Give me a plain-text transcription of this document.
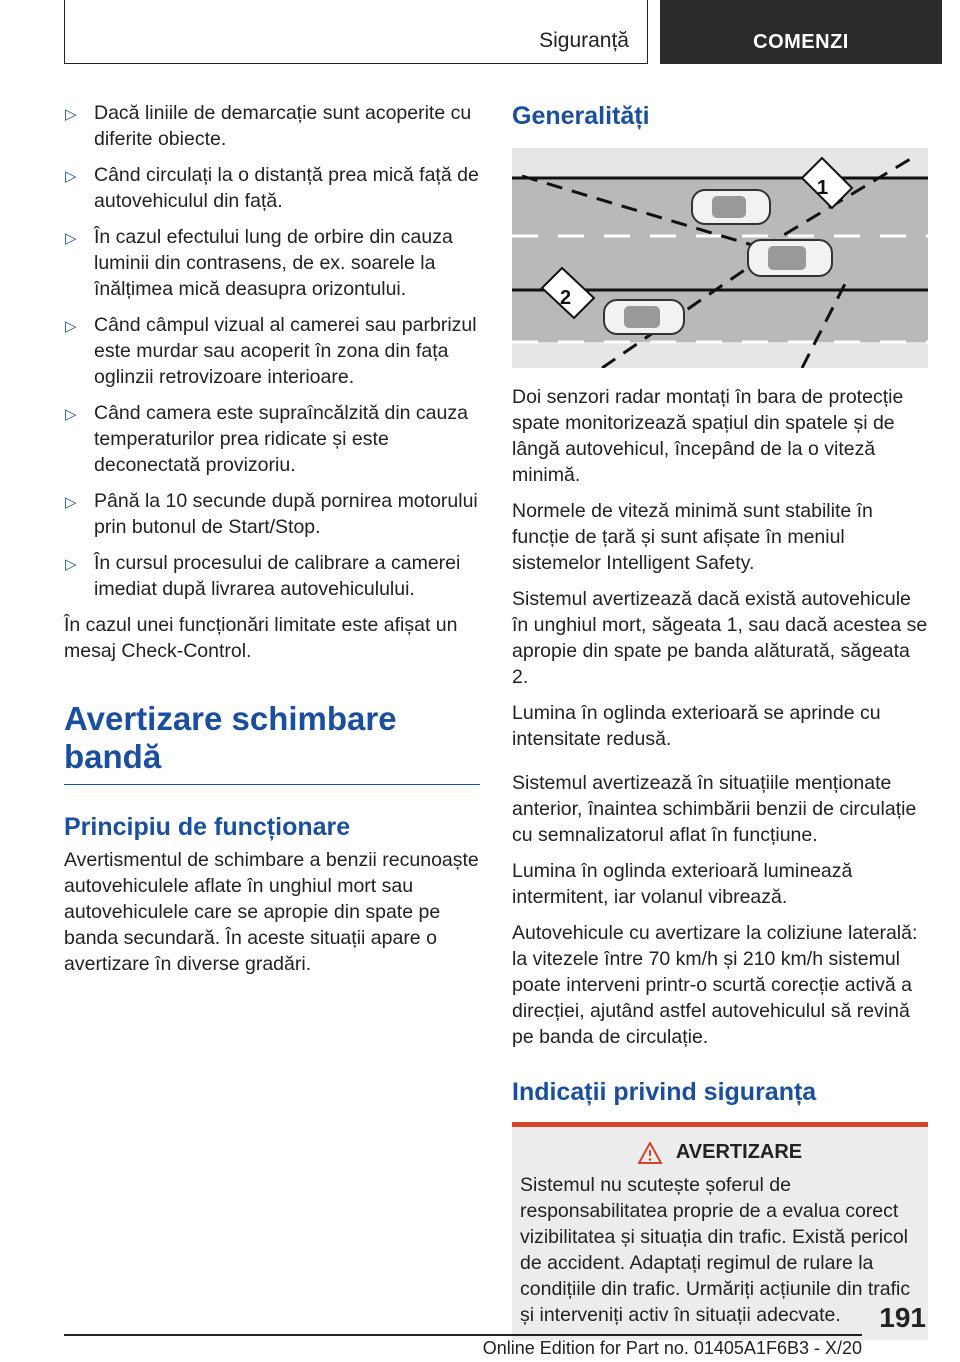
Siguranță	COMENZI
▷ Dacă liniile de demarcație sunt acoperite cu diferite obiecte.
▷ Când circulați la o distanță prea mică față de autovehiculul din față.
▷ În cazul efectului lung de orbire din cauza luminii din contrasens, de ex. soarele la înălțimea mică deasupra orizontului.
▷ Când câmpul vizual al camerei sau parbrizul este murdar sau acoperit în zona din fața oglinzii retrovizoare interioare.
▷ Când camera este supraîncălzită din cauza temperaturilor prea ridicate și este deconectată provizoriu.
▷ Până la 10 secunde după pornirea motorului prin butonul de Start/Stop.
▷ În cursul procesului de calibrare a camerei imediat după livrarea autovehiculului.

În cazul unei funcționări limitate este afișat un mesaj Check-Control.

Avertizare schimbare bandă
Principiu de funcționare

Avertismentul de schimbare a benzii recunoaște autovehiculele aflate în unghiul mort sau autovehiculele care se apropie din spate pe banda secundară. În aceste situații apare o avertizare în diverse gradări.

Generalități
1
2

Doi senzori radar montați în bara de protecție spate monitorizează spațiul din spatele și de lângă autovehicul, începând de la o viteză minimă.

Normele de viteză minimă sunt stabilite în funcție de țară și sunt afișate în meniul sistemelor Intelligent Safety.

Sistemul avertizează dacă există autovehicule în unghiul mort, săgeata 1, sau dacă acestea se apropie din spate pe banda alăturată, săgeata 2.

Lumina în oglinda exterioară se aprinde cu intensitate redusă.

Sistemul avertizează în situațiile menționate anterior, înaintea schimbării benzii de circulație cu semnalizatorul aflat în funcțiune.

Lumina în oglinda exterioară luminează intermitent, iar volanul vibrează.

Autovehicule cu avertizare la coliziune laterală: la vitezele între 70 km/h și 210 km/h sistemul poate interveni printr-o scurtă corecție activă a direcției, ajutând astfel autovehiculul să revină pe banda de circulație.

Indicații privind siguranța
AVERTIZARE

Sistemul nu scutește șoferul de responsabilitatea proprie de a evalua corect vizibilitatea și situația din trafic. Există pericol de accident. Adaptați regimul de rulare la condițiile din trafic. Urmăriți acțiunile din trafic și interveniți activ în situații adecvate.	191
Online Edition for Part no. 01405A1F6B3 - X/20
